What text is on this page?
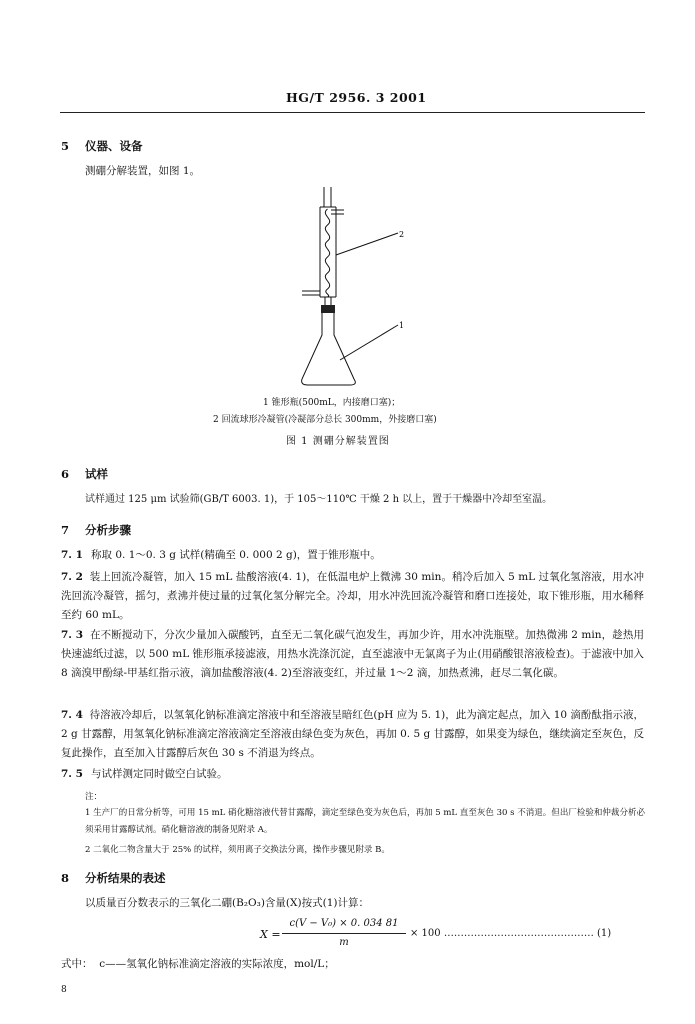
HG/T 2956. 3 2001
5 仪器、设备
测硼分解装置，如图 1。
2
1
1 锥形瓶(500mL，内接磨口塞)；
2 回流球形冷凝管(冷凝部分总长 300mm，外接磨口塞)
图 1 测硼分解装置图
6 试样
试样通过 125 μm 试验筛(GB/T 6003. 1)，于 105～110℃ 干燥 2 h 以上，置于干燥器中冷却至室温。
7 分析步骤
7. 1 称取 0. 1～0. 3 g 试样(精确至 0. 000 2 g)，置于锥形瓶中。
7. 2 装上回流冷凝管，加入 15 mL 盐酸溶液(4. 1)，在低温电炉上微沸 30 min。稍冷后加入 5 mL 过氧化氢溶液，用水冲洗回流冷凝管，摇匀，煮沸并使过量的过氧化氢分解完全。冷却，用水冲洗回流冷凝管和磨口连接处，取下锥形瓶，用水稀释至约 60 mL。
7. 3 在不断搅动下，分次少量加入碳酸钙，直至无二氧化碳气泡发生，再加少许，用水冲洗瓶壁。加热微沸 2 min，趁热用快速滤纸过滤，以 500 mL 锥形瓶承接滤液，用热水洗涤沉淀，直至滤液中无氯离子为止(用硝酸银溶液检查)。于滤液中加入 8 滴溴甲酚绿-甲基红指示液，滴加盐酸溶液(4. 2)至溶液变红，并过量 1～2 滴，加热煮沸，赶尽二氧化碳。
7. 4 待溶液冷却后，以氢氧化钠标准滴定溶液中和至溶液呈暗红色(pH 应为 5. 1)，此为滴定起点，加入 10 滴酚酞指示液，2 g 甘露醇，用氢氧化钠标准滴定溶液滴定至溶液由绿色变为灰色，再加 0. 5 g 甘露醇，如果变为绿色，继续滴定至灰色，反复此操作，直至加入甘露醇后灰色 30 s 不消退为终点。
7. 5 与试样测定同时做空白试验。
注：
1 生产厂的日常分析等，可用 15 mL 硝化糖溶液代替甘露醇，滴定至绿色变为灰色后，再加 5 mL 直至灰色 30 s 不消退。但出厂检验和仲裁分析必须采用甘露醇试剂。硝化糖溶液的制备见附录 A。
2 二氧化二物含量大于 25% 的试样，须用离子交换法分离，操作步骤见附录 B。
8 分析结果的表述
以质量百分数表示的三氧化二硼(B₂O₃)含量(X)按式(1)计算：
X =
c(V − V₀) × 0. 034 81
m
× 100 ……………………………………… (1)
式中： c——氢氧化钠标准滴定溶液的实际浓度，mol/L；
8
